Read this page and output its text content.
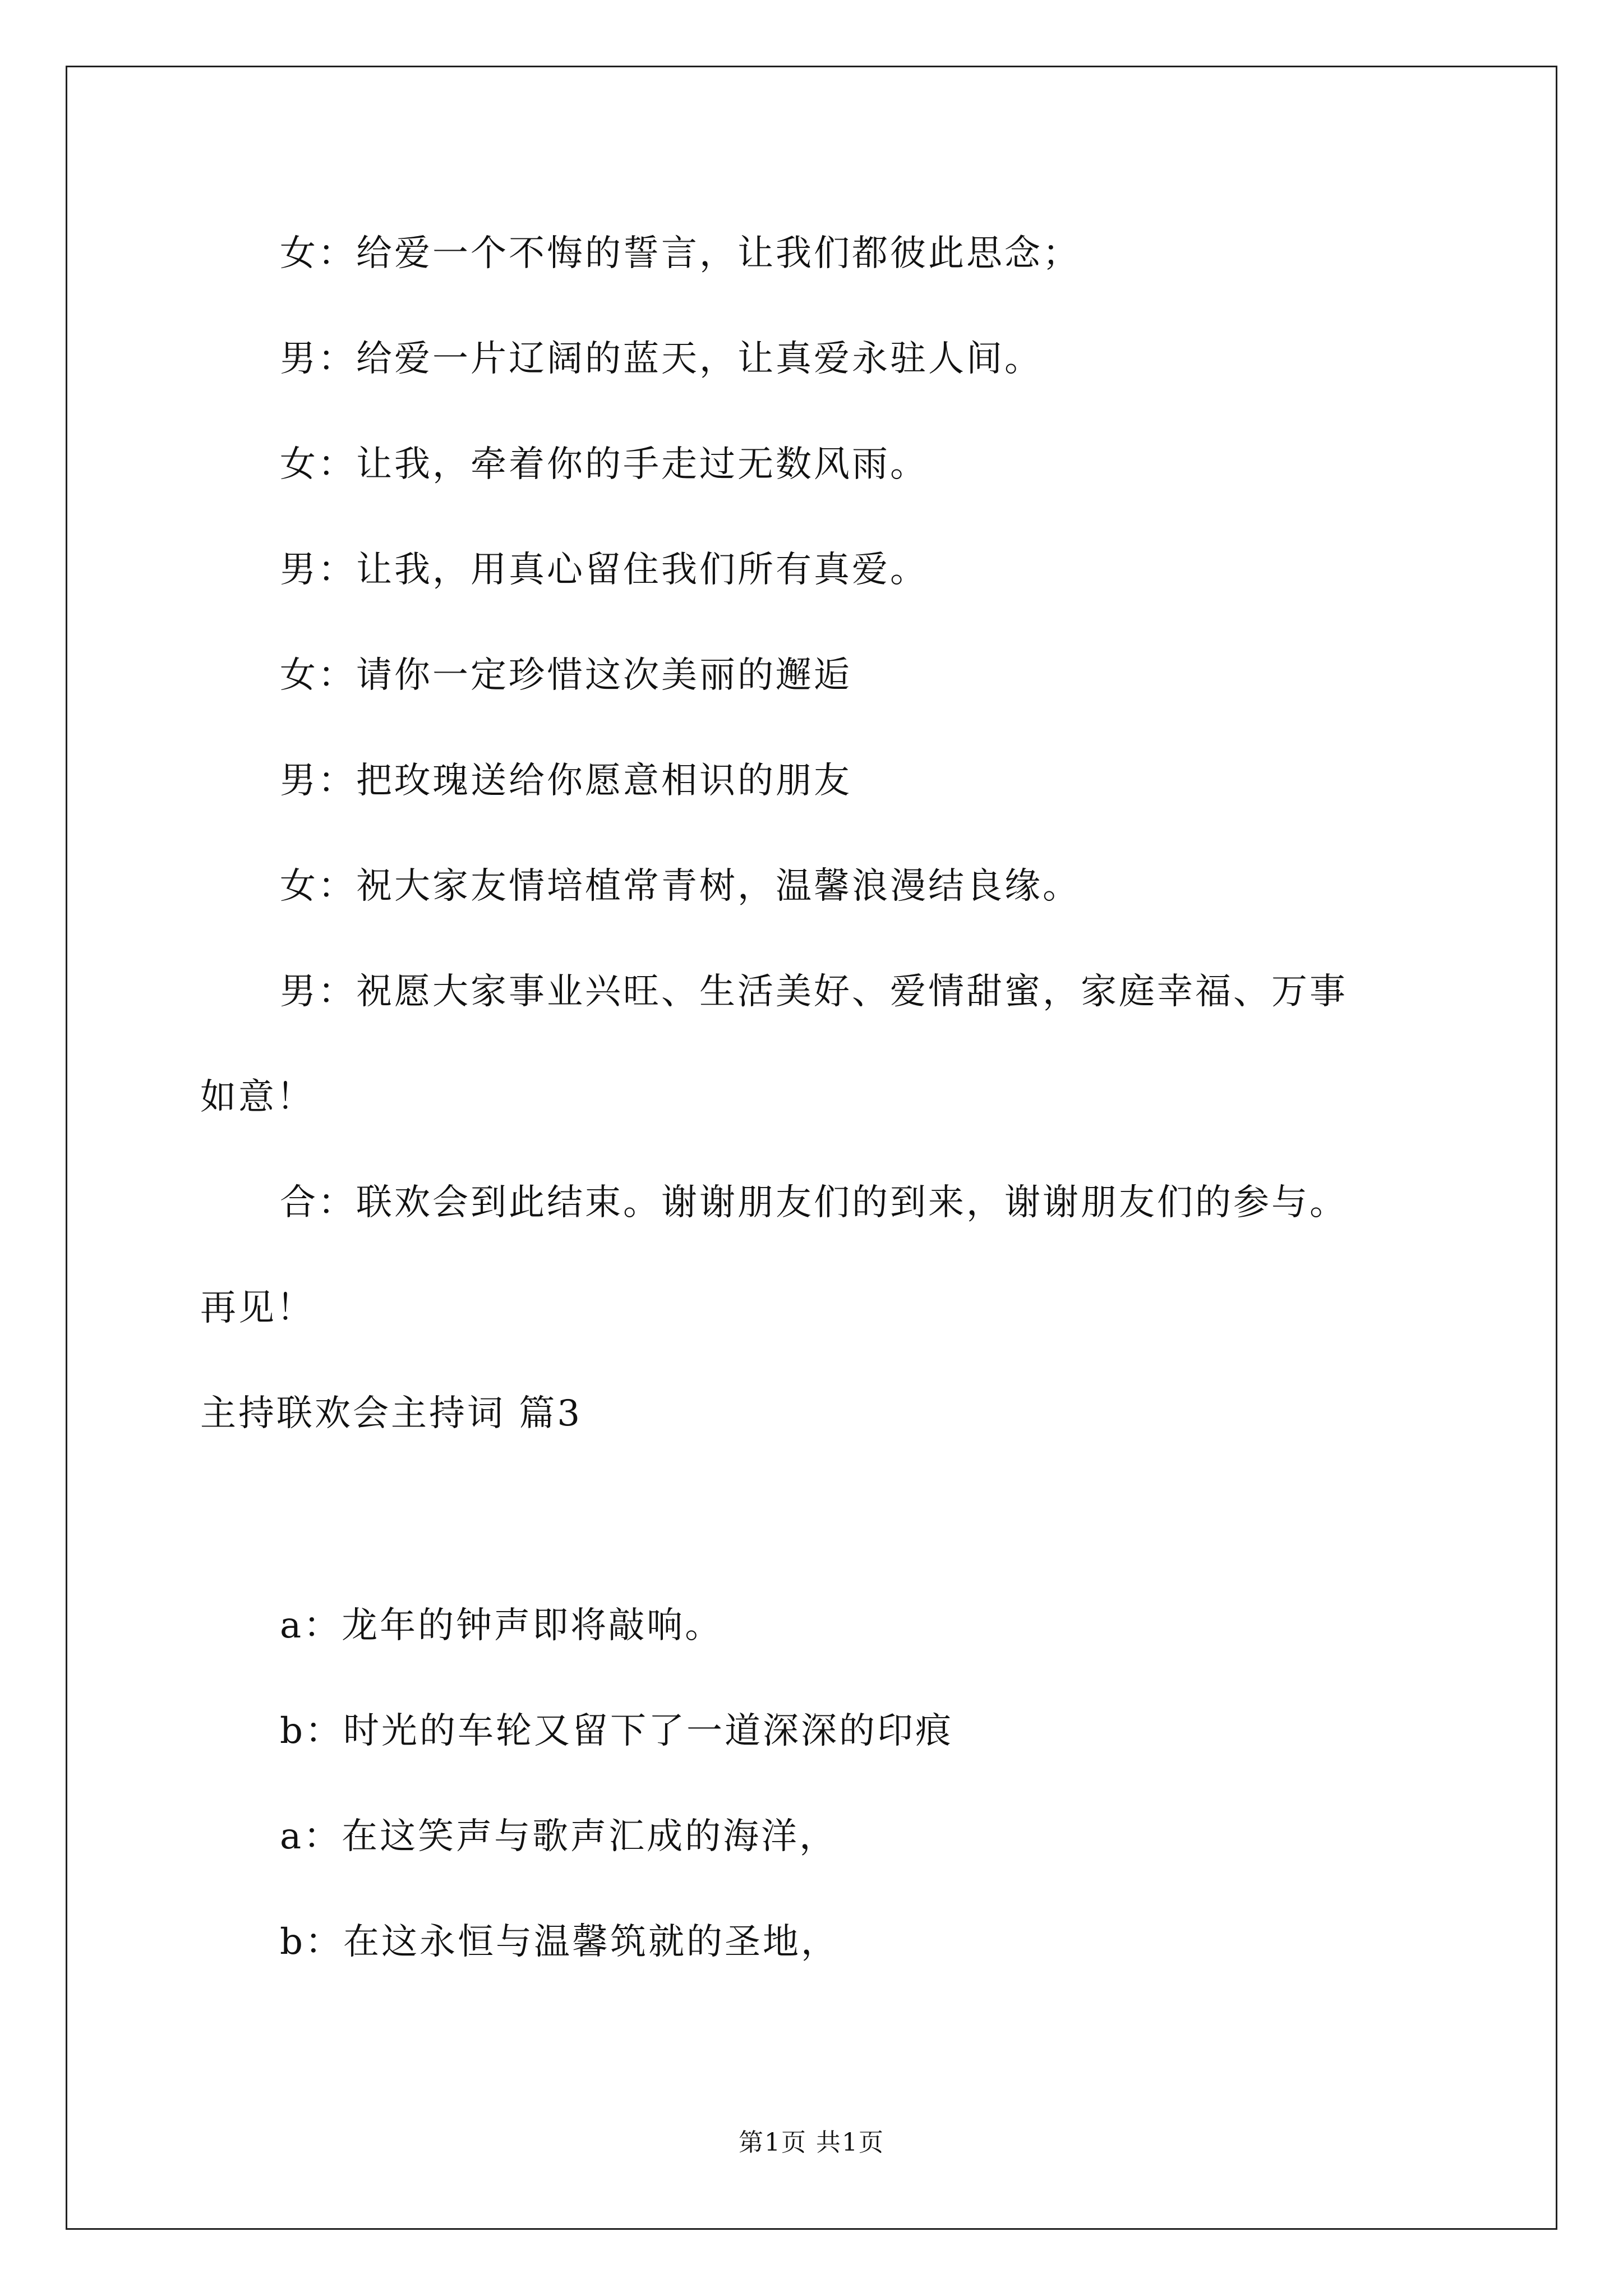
女：给爱一个不悔的誓言，让我们都彼此思念；
男：给爱一片辽阔的蓝天，让真爱永驻人间。
女：让我，牵着你的手走过无数风雨。
男：让我，用真心留住我们所有真爱。
女：请你一定珍惜这次美丽的邂逅
男：把玫瑰送给你愿意相识的朋友
女：祝大家友情培植常青树，温馨浪漫结良缘。
男：祝愿大家事业兴旺、生活美好、爱情甜蜜，家庭幸福、万事
如意！
合：联欢会到此结束。谢谢朋友们的到来，谢谢朋友们的参与。
再见！
主持联欢会主持词 篇3
a：龙年的钟声即将敲响。
b：时光的车轮又留下了一道深深的印痕
a：在这笑声与歌声汇成的海洋，
b：在这永恒与温馨筑就的圣地，
第1页 共1页
